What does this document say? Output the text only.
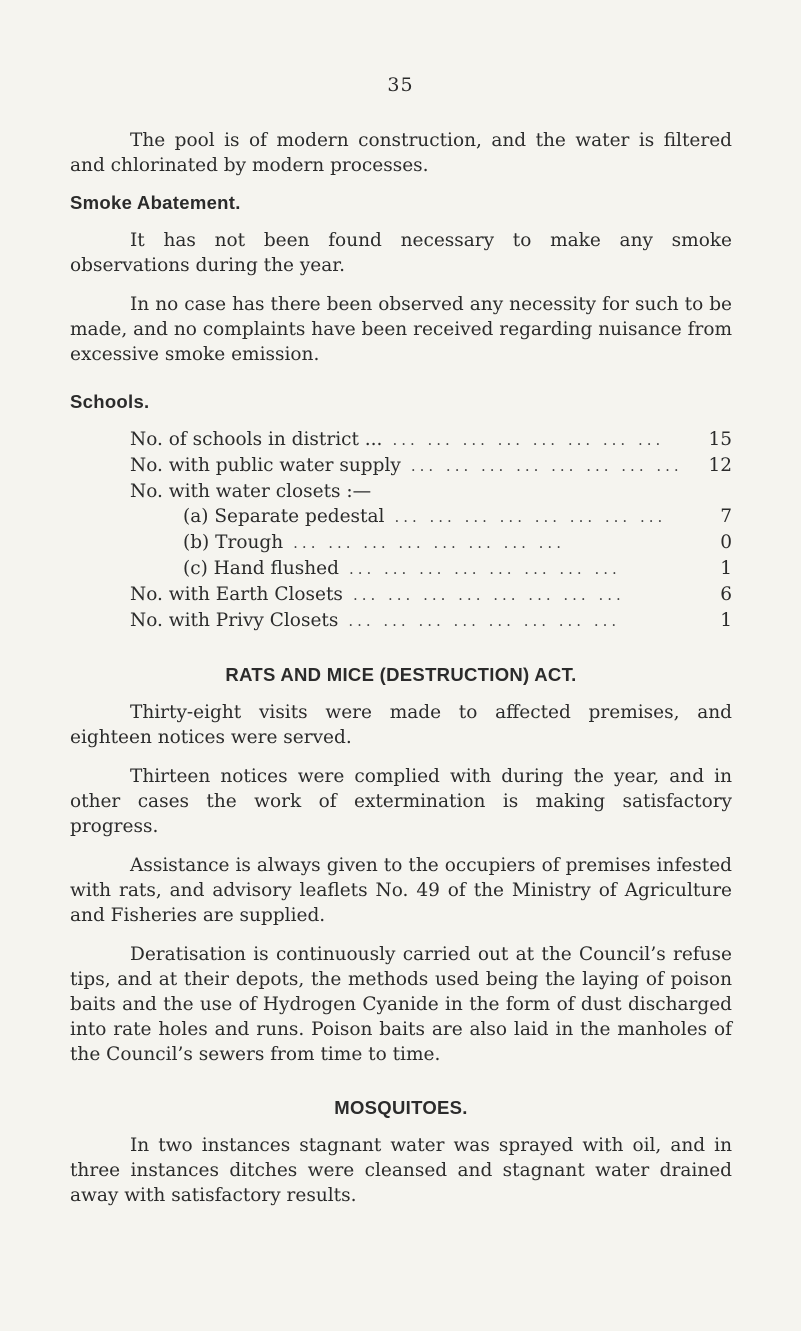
35

The pool is of modern construction, and the water is filtered and chlorinated by modern processes.

Smoke Abatement.

It has not been found necessary to make any smoke observations during the year.

In no case has there been observed any necessity for such to be made, and no complaints have been received regarding nuisance from excessive smoke emission.

Schools.
No. of schools in district ... ... ... ... ... ... ... ... ...	15
No. with public water supply ... ... ... ... ... ... ... ...	12
No. with water closets :—
(a) Separate pedestal ... ... ... ... ... ... ... ...	7
(b) Trough ... ... ... ... ... ... ... ...	0
(c) Hand flushed ... ... ... ... ... ... ... ...	1
No. with Earth Closets ... ... ... ... ... ... ... ...	6
No. with Privy Closets ... ... ... ... ... ... ... ...	1
RATS AND MICE (DESTRUCTION) ACT.

Thirty-eight visits were made to affected premises, and eighteen notices were served.

Thirteen notices were complied with during the year, and in other cases the work of extermination is making satisfactory progress.

Assistance is always given to the occupiers of premises infested with rats, and advisory leaflets No. 49 of the Ministry of Agriculture and Fisheries are supplied.

Deratisation is continuously carried out at the Council’s refuse tips, and at their depots, the methods used being the laying of poison baits and the use of Hydrogen Cyanide in the form of dust discharged into rate holes and runs. Poison baits are also laid in the manholes of the Council’s sewers from time to time.

MOSQUITOES.

In two instances stagnant water was sprayed with oil, and in three instances ditches were cleansed and stagnant water drained away with satisfactory results.
